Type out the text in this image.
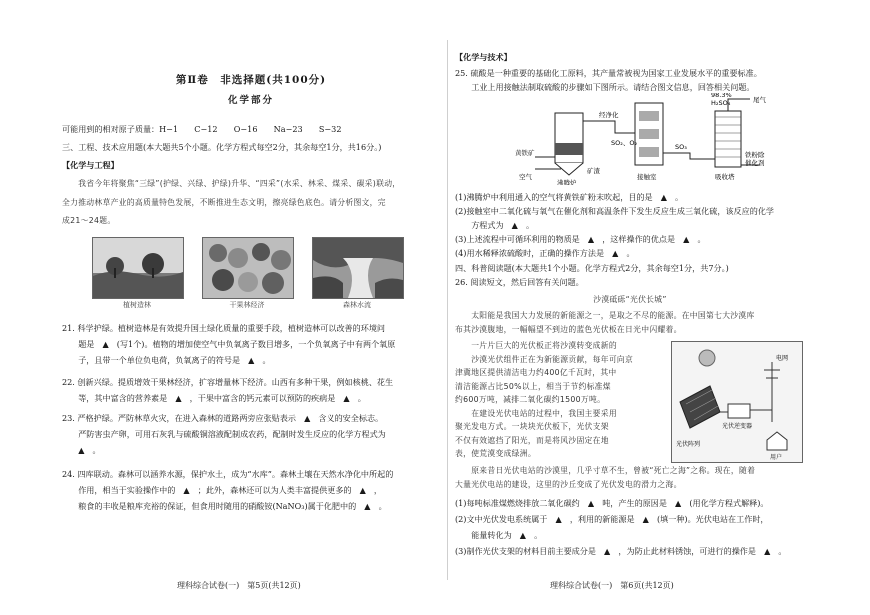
第Ⅱ卷　非选择题(共100分)
化学部分

可能用到的相对原子质量：H−1　　C−12　　O−16　　Na−23　　S−32

三、工程、技术应用题(本大题共5个小题。化学方程式每空2分，其余每空1分，共16分。)

【化学与工程】

　　我省今年将聚焦“三绿”(护绿、兴绿、护绿)升华、“四采”(水采、林采、煤采、碳采)联动，

全力推动林草产业的高质量特色发展，不断推进生态文明，擦亮绿色底色。请分析图文，完

成21～24题。

植树造林	干果林经济	森林水流

21. 科学护绿。植树造林是有效提升国土绿化质量的重要手段，植树造林可以改善的环境问

　　题是　▲　(写1个)。植物的增加使空气中负氧离子数目增多，一个负氧离子中有两个氧原

　　子，且带一个单位负电荷，负氧离子的符号是　▲　。

22. 创新兴绿。提质增效干果林经济，扩容增量林下经济。山西有多种干果，例如核桃、花生

　　等，其中富含的营养素是　▲　，干果中富含的钙元素可以预防的疾病是　▲　。

23. 严格护绿。严防林草火灾，在进入森林的道路两旁应张贴表示　▲　含义的安全标志。

　　严防害虫产卵，可用石灰乳与硫酸铜溶液配制成农药，配制时发生反应的化学方程式为

　　▲　。

24. 四库联动。森林可以涵养水源，保护水土，成为“水库”。森林土壤在天然水净化中所起的

　　作用，相当于实验操作中的　▲　；此外，森林还可以为人类丰富提供更多的　▲　，

　　粮食的丰收是粮库充裕的保证，但食用时随用的硝酸铵(NaNO₃)属于化肥中的　▲　。

理科综合试卷(一)　第5页(共12页)

【化学与技术】

25. 硫酸是一种重要的基础化工原料，其产量常被视为国家工业发展水平的重要标准。

　　工业上用接触法制取硫酸的步骤如下图所示。请结合图文信息，回答相关问题。

黄铁矿
空气
沸腾炉
经净化
矿渣
接触室	吸收塔
98.3%
尾气
铁粉除
催化剂
SO₂、O₂	SO₃
H₂SO₄

(1)沸腾炉中利用通入的空气将黄铁矿粉末吹起，目的是　▲　。

(2)接触室中二氧化硫与氧气在催化剂和高温条件下发生反应生成三氧化硫，该反应的化学

　　方程式为　▲　。

(3)上述流程中可循环利用的物质是　▲　，这样操作的优点是　▲　。

(4)用水稀释浓硫酸时，正确的操作方法是　▲　。

四、科普阅读题(本大题共1个小题。化学方程式2分，其余每空1分，共7分。)

26. 阅读短文，然后回答有关问题。

沙漠砥砾“光伏长城”

　　太阳能是我国大力发展的新能源之一，是取之不尽的能源。在中国第七大沙漠库

布其沙漠腹地，一幅幅望不到边的蓝色光伏板在日光中闪耀着。

　　一片片巨大的光伏板正将沙漠转变成新的

　　沙漠光伏组件正在为新能源贡献，每年可向京

津冀地区提供清洁电力约400亿千瓦时，其中

清洁能源占比50%以上，相当于节约标准煤

约600万吨，减排二氧化碳约1500万吨。

　　在建设光伏电站的过程中，我国主要采用

聚光发电方式。一块块光伏板下，光伏支架

不仅有效遮挡了阳光，而是将风沙固定在地

表，使荒漠变成绿洲。

光伏阵列
光伏逆变器
电网
用户

　　原来昔日光伏电站的沙漠里，几乎寸草不生，曾被“死亡之海”之称。现在，随着

大量光伏电站的建设，这里的沙丘变成了光伏发电的滑力之海。

(1)每吨标准煤燃烧排放二氧化碳约　▲　吨，产生的原因是　▲　(用化学方程式解释)。

(2)文中光伏发电系统属于　▲　，利用的新能源是　▲　(填一种)。光伏电站在工作时，

　　能量转化为　▲　。

(3)制作光伏支架的材料目前主要成分是　▲　，为防止此材料锈蚀，可进行的操作是　▲　。

理科综合试卷(一)　第6页(共12页)
